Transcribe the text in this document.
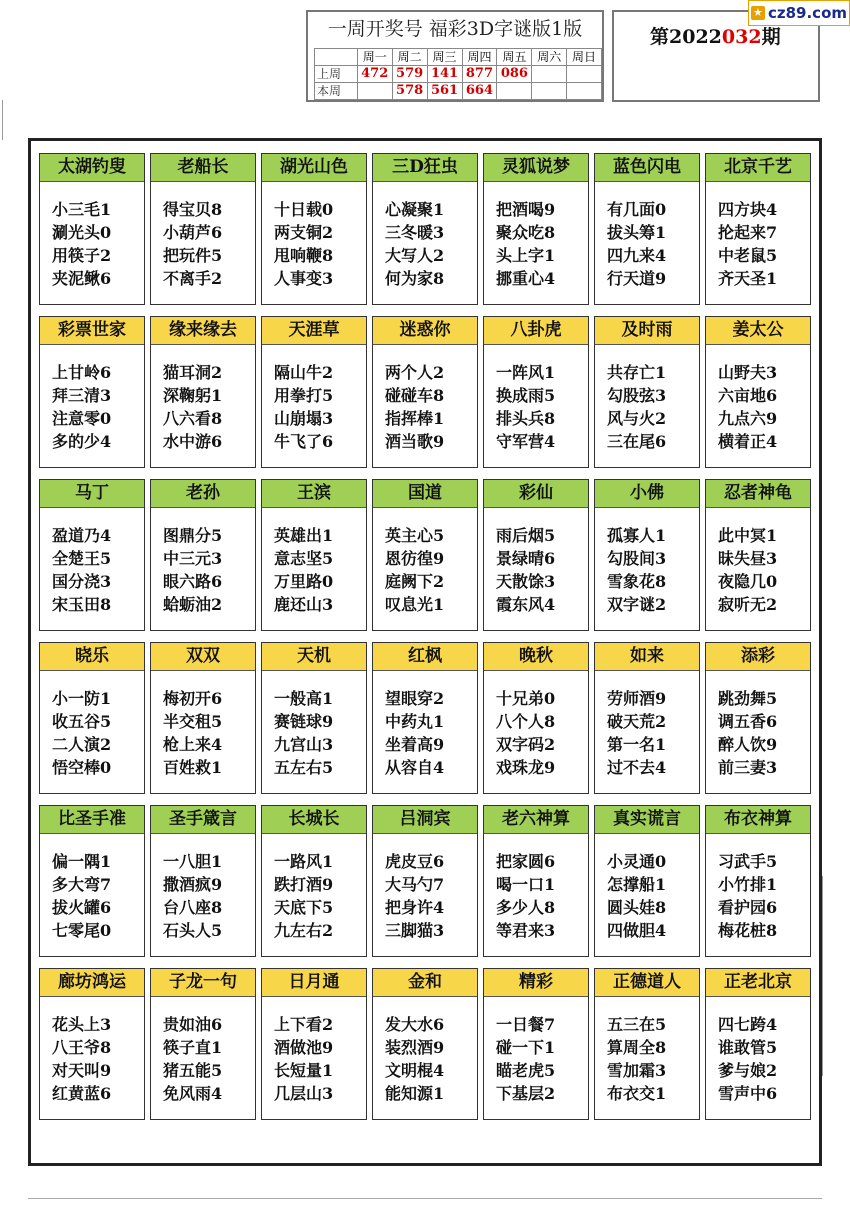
一周开奖号 福彩3D字谜版1版
	周一	周二	周三	周四	周五	周六	周日
上周	472	579	141	877	086		
本周		578	561	664			
第2022032期
★ cz89.com
太湖钓叟
小三毛1
涮光头0
用筷子2
夹泥鳅6
老船长
得宝贝8
小葫芦6
把玩件5
不离手2
湖光山色
十日载0
两支铜2
甩响鞭8
人事变3
三D狂虫
心凝聚1
三冬暖3
大写人2
何为家8
灵狐说梦
把酒喝9
聚众吃8
头上字1
挪重心4
蓝色闪电
有几面0
拔头筹1
四九来4
行天道9
北京千艺
四方块4
抡起来7
中老鼠5
齐天圣1
彩票世家
上甘岭6
拜三清3
注意零0
多的少4
缘来缘去
猫耳洞2
深鞠躬1
八六看8
水中游6
天涯草
隔山牛2
用拳打5
山崩塌3
牛飞了6
迷惑你
两个人2
碰碰车8
指挥棒1
酒当歌9
八卦虎
一阵风1
换成雨5
排头兵8
守军营4
及时雨
共存亡1
勾股弦3
风与火2
三在尾6
姜太公
山野夫3
六亩地6
九点六9
横着正4
马丁
盈道乃4
全楚王5
国分浇3
宋玉田8
老孙
图鼎分5
中三元3
眼六路6
蛤蛎油2
王滨
英雄出1
意志坚5
万里路0
鹿还山3
国道
英主心5
恩彷徨9
庭阙下2
叹息光1
彩仙
雨后烟5
景绿晴6
天散馀3
霞东风4
小佛
孤寡人1
勾股间3
雪象花8
双字谜2
忍者神龟
此中冥1
昧失昼3
夜隐几0
寂听无2
晓乐
小一防1
收五谷5
二人演2
悟空棒0
双双
梅初开6
半交租5
枪上来4
百姓救1
天机
一般高1
赛链球9
九宫山3
五左右5
红枫
望眼穿2
中药丸1
坐着高9
从容自4
晚秋
十兄弟0
八个人8
双字码2
戏珠龙9
如来
劳师酒9
破天荒2
第一名1
过不去4
添彩
跳劲舞5
调五香6
醉人饮9
前三妻3
比圣手准
偏一隅1
多大弯7
拔火罐6
七零尾0
圣手箴言
一八胆1
撒酒疯9
台八座8
石头人5
长城长
一路风1
跌打酒9
天底下5
九左右2
吕洞宾
虎皮豆6
大马勺7
把身许4
三脚猫3
老六神算
把家圆6
喝一口1
多少人8
等君来3
真实谎言
小灵通0
怎撑船1
圆头娃8
四做胆4
布衣神算
习武手5
小竹排1
看护园6
梅花桩8
廊坊鸿运
花头上3
八王爷8
对天叫9
红黄蓝6
子龙一句
贵如油6
筷子直1
猪五能5
免风雨4
日月通
上下看2
酒做池9
长短量1
几层山3
金和
发大水6
装烈酒9
文明棍4
能知源1
精彩
一日餐7
碰一下1
瞄老虎5
下基层2
正德道人
五三在5
算周全8
雪加霜3
布衣交1
正老北京
四七跨4
谁敢管5
爹与娘2
雪声中6
